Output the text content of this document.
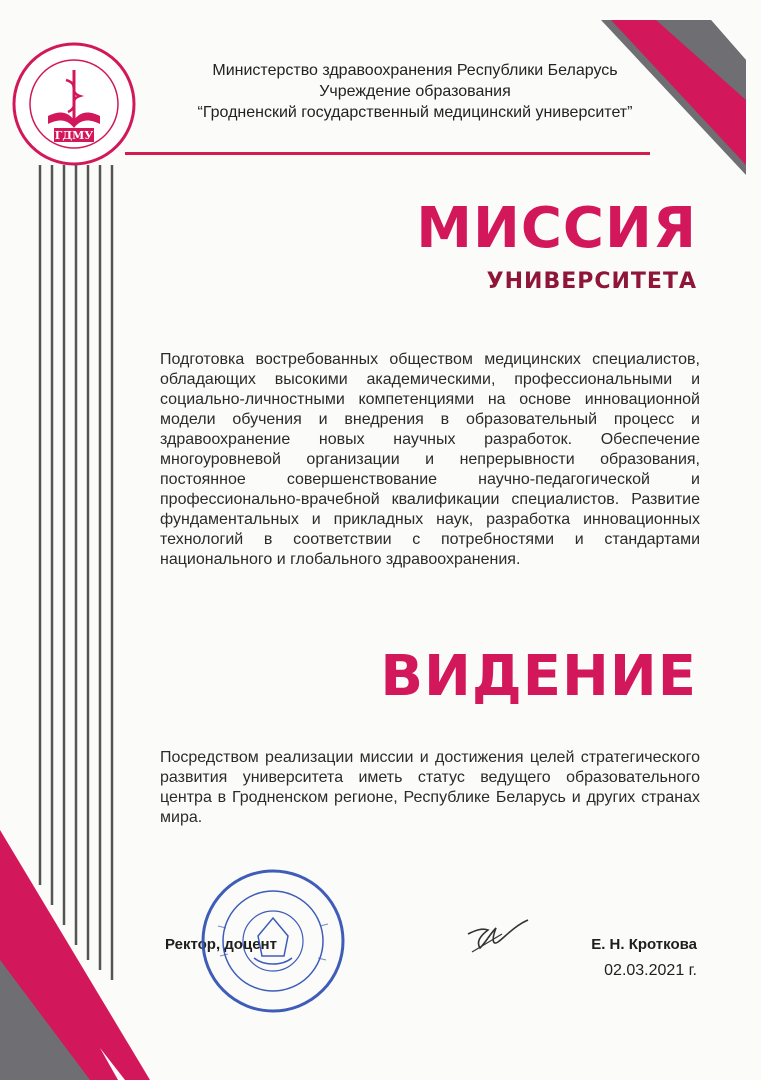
ГДМУ
Министерство здравоохранения Республики Беларусь
Учреждение образования
“Гродненский государственный медицинский университет”
МИССИЯ
УНИВЕРСИТЕТА
Подготовка востребованных обществом медицинских специалистов, обладающих высокими академическими, профессиональными и социально-личностными компетенциями на основе инновационной модели обучения и внедрения в образовательный процесс и здравоохранение новых научных разработок. Обеспечение многоуровневой организации и непрерывности образования, постоянное совершенствование научно-педагогической и профессионально-врачебной квалификации специалистов. Развитие фундаментальных и прикладных наук, разработка инновационных технологий в соответствии с потребностями и стандартами национального и глобального здравоохранения.
ВИДЕНИЕ
Посредством реализации миссии и достижения целей стратегического развития университета иметь статус ведущего образовательного центра в Гродненском регионе, Республике Беларусь и других странах мира.
Ректор, доцент	Е. Н. Кроткова
02.03.2021 г.
